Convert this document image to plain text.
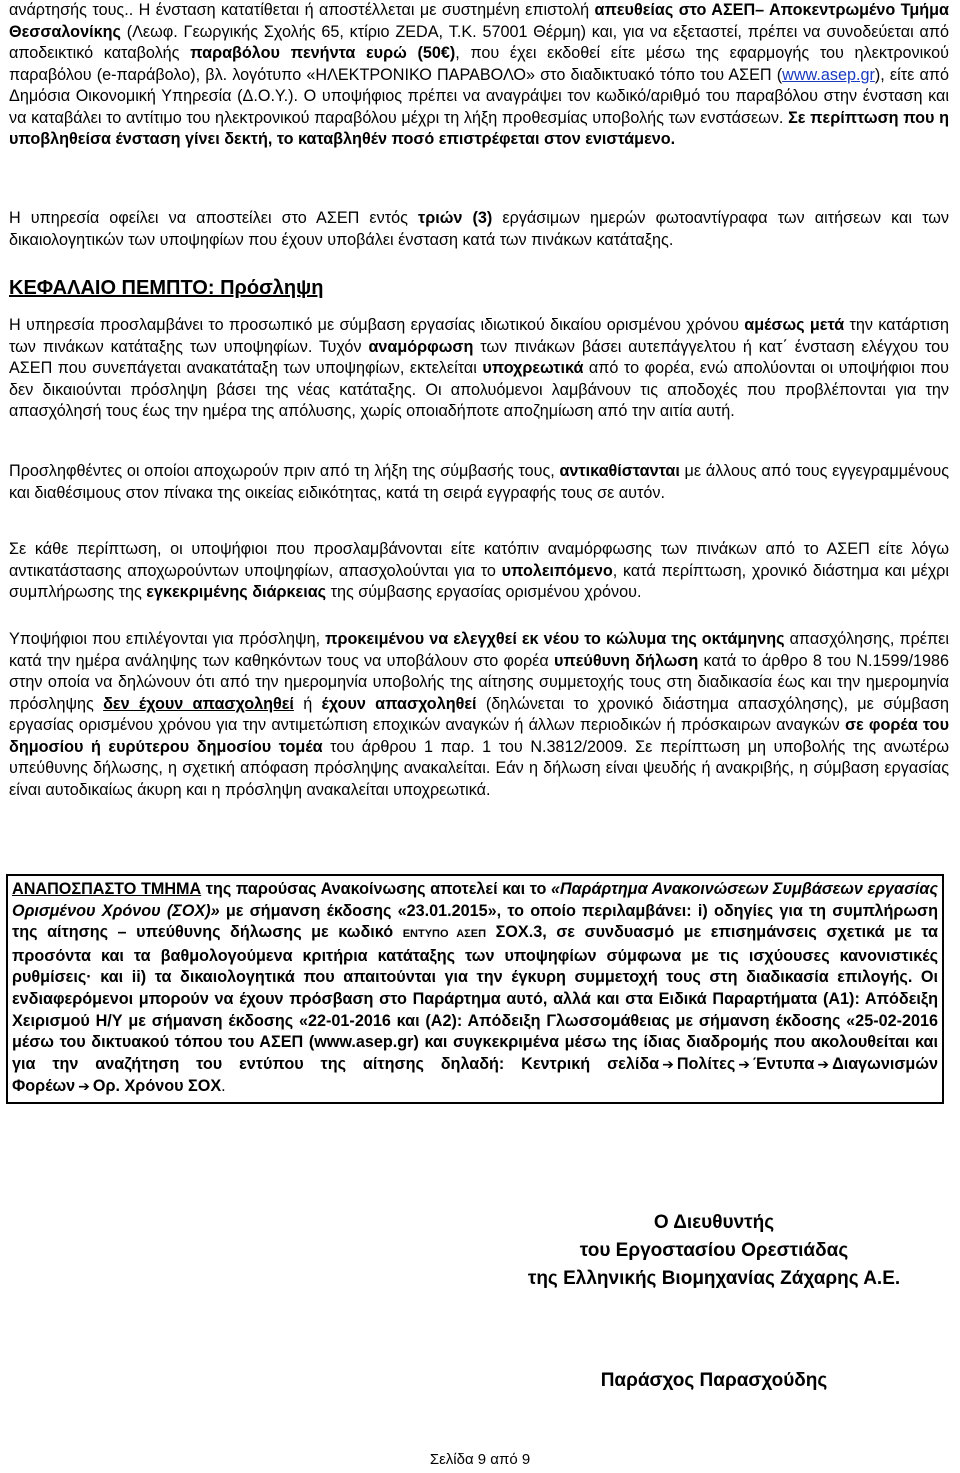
ανάρτησής τους.. Η ένσταση κατατίθεται ή αποστέλλεται με συστημένη επιστολή απευθείας στο ΑΣΕΠ– Αποκεντρωμένο Τμήμα Θεσσαλονίκης (Λεωφ. Γεωργικής Σχολής 65, κτίριο ΖΕDA, Τ.Κ. 57001 Θέρμη) και, για να εξεταστεί, πρέπει να συνοδεύεται από αποδεικτικό καταβολής παραβόλου πενήντα ευρώ (50€), που έχει εκδοθεί είτε μέσω της εφαρμογής του ηλεκτρονικού παραβόλου (e-παράβολο), βλ. λογότυπο «ΗΛΕΚΤΡΟΝΙΚΟ ΠΑΡΑΒΟΛΟ» στο διαδικτυακό τόπο του ΑΣΕΠ (www.asep.gr), είτε από Δημόσια Οικονομική Υπηρεσία (Δ.Ο.Υ.). Ο υποψήφιος πρέπει να αναγράψει τον κωδικό/αριθμό του παραβόλου στην ένσταση και να καταβάλει το αντίτιμο του ηλεκτρονικού παραβόλου μέχρι τη λήξη προθεσμίας υποβολής των ενστάσεων. Σε περίπτωση που η υποβληθείσα ένσταση γίνει δεκτή, το καταβληθέν ποσό επιστρέφεται στον ενιστάμενο.

Η υπηρεσία οφείλει να αποστείλει στο ΑΣΕΠ εντός τριών (3) εργάσιμων ημερών φωτοαντίγραφα των αιτήσεων και των δικαιολογητικών των υποψηφίων που έχουν υποβάλει ένσταση κατά των πινάκων κατάταξης.

ΚΕΦΑΛΑΙΟ ΠΕΜΠΤΟ: Πρόσληψη

Η υπηρεσία προσλαμβάνει το προσωπικό με σύμβαση εργασίας ιδιωτικού δικαίου ορισμένου χρόνου αμέσως μετά την κατάρτιση των πινάκων κατάταξης των υποψηφίων. Τυχόν αναμόρφωση των πινάκων βάσει αυτεπάγγελτου ή κατ΄ ένσταση ελέγχου του ΑΣΕΠ που συνεπάγεται ανακατάταξη των υποψηφίων, εκτελείται υποχρεωτικά από το φορέα, ενώ απολύονται οι υποψήφιοι που δεν δικαιούνται πρόσληψη βάσει της νέας κατάταξης. Οι απολυόμενοι λαμβάνουν τις αποδοχές που προβλέπονται για την απασχόλησή τους έως την ημέρα της απόλυσης, χωρίς οποιαδήποτε αποζημίωση από την αιτία αυτή.

Προσληφθέντες οι οποίοι αποχωρούν πριν από τη λήξη της σύμβασής τους, αντικαθίστανται με άλλους από τους εγγεγραμμένους και διαθέσιμους στον πίνακα της οικείας ειδικότητας, κατά τη σειρά εγγραφής τους σε αυτόν.

Σε κάθε περίπτωση, οι υποψήφιοι που προσλαμβάνονται είτε κατόπιν αναμόρφωσης των πινάκων από το ΑΣΕΠ είτε λόγω αντικατάστασης αποχωρούντων υποψηφίων, απασχολούνται για το υπολειπόμενο, κατά περίπτωση, χρονικό διάστημα και μέχρι συμπλήρωσης της εγκεκριμένης διάρκειας της σύμβασης εργασίας ορισμένου χρόνου.

Υποψήφιοι που επιλέγονται για πρόσληψη, προκειμένου να ελεγχθεί εκ νέου το κώλυμα της οκτάμηνης απασχόλησης, πρέπει κατά την ημέρα ανάληψης των καθηκόντων τους να υποβάλουν στο φορέα υπεύθυνη δήλωση κατά το άρθρο 8 του Ν.1599/1986 στην οποία να δηλώνουν ότι από την ημερομηνία υποβολής της αίτησης συμμετοχής τους στη διαδικασία έως και την ημερομηνία πρόσληψης δεν έχουν απασχοληθεί ή έχουν απασχοληθεί (δηλώνεται το χρονικό διάστημα απασχόλησης), με σύμβαση εργασίας ορισμένου χρόνου για την αντιμετώπιση εποχικών αναγκών ή άλλων περιοδικών ή πρόσκαιρων αναγκών σε φορέα του δημοσίου ή ευρύτερου δημοσίου τομέα του άρθρου 1 παρ. 1 του Ν.3812/2009. Σε περίπτωση μη υποβολής της ανωτέρω υπεύθυνης δήλωσης, η σχετική απόφαση πρόσληψης ανακαλείται. Εάν η δήλωση είναι ψευδής ή ανακριβής, η σύμβαση εργασίας είναι αυτοδικαίως άκυρη και η πρόσληψη ανακαλείται υποχρεωτικά.

ΑΝΑΠΟΣΠΑΣΤΟ ΤΜΗΜΑ της παρούσας Ανακοίνωσης αποτελεί και το «Παράρτημα Ανακοινώσεων Συμβάσεων εργασίας Ορισμένου Χρόνου (ΣΟΧ)» με σήμανση έκδοσης «23.01.2015», το οποίο περιλαμβάνει: i) οδηγίες για τη συμπλήρωση της αίτησης – υπεύθυνης δήλωσης με κωδικό ΕΝΤΥΠΟ ΑΣΕΠ ΣΟΧ.3, σε συνδυασμό με επισημάνσεις σχετικά με τα προσόντα και τα βαθμολογούμενα κριτήρια κατάταξης των υποψηφίων σύμφωνα με τις ισχύουσες κανονιστικές ρυθμίσεις· και ii) τα δικαιολογητικά που απαιτούνται για την έγκυρη συμμετοχή τους στη διαδικασία επιλογής. Οι ενδιαφερόμενοι μπορούν να έχουν πρόσβαση στο Παράρτημα αυτό, αλλά και στα Ειδικά Παραρτήματα (Α1): Απόδειξη Χειρισμού Η/Υ με σήμανση έκδοσης «22-01-2016 και (Α2): Απόδειξη Γλωσσομάθειας με σήμανση έκδοσης «25-02-2016 μέσω του δικτυακού τόπου του ΑΣΕΠ (www.asep.gr) και συγκεκριμένα μέσω της ίδιας διαδρομής που ακολουθείται και για την αναζήτηση του εντύπου της αίτησης δηλαδή: Κεντρική σελίδα ➔ Πολίτες ➔ Έντυπα ➔ Διαγωνισμών Φορέων ➔ Ορ. Χρόνου ΣΟΧ.
Ο Διευθυντής
του Εργοστασίου Ορεστιάδας
της Ελληνικής Βιομηχανίας Ζάχαρης Α.Ε.
Παράσχος Παρασχούδης
Σελίδα 9 από 9
